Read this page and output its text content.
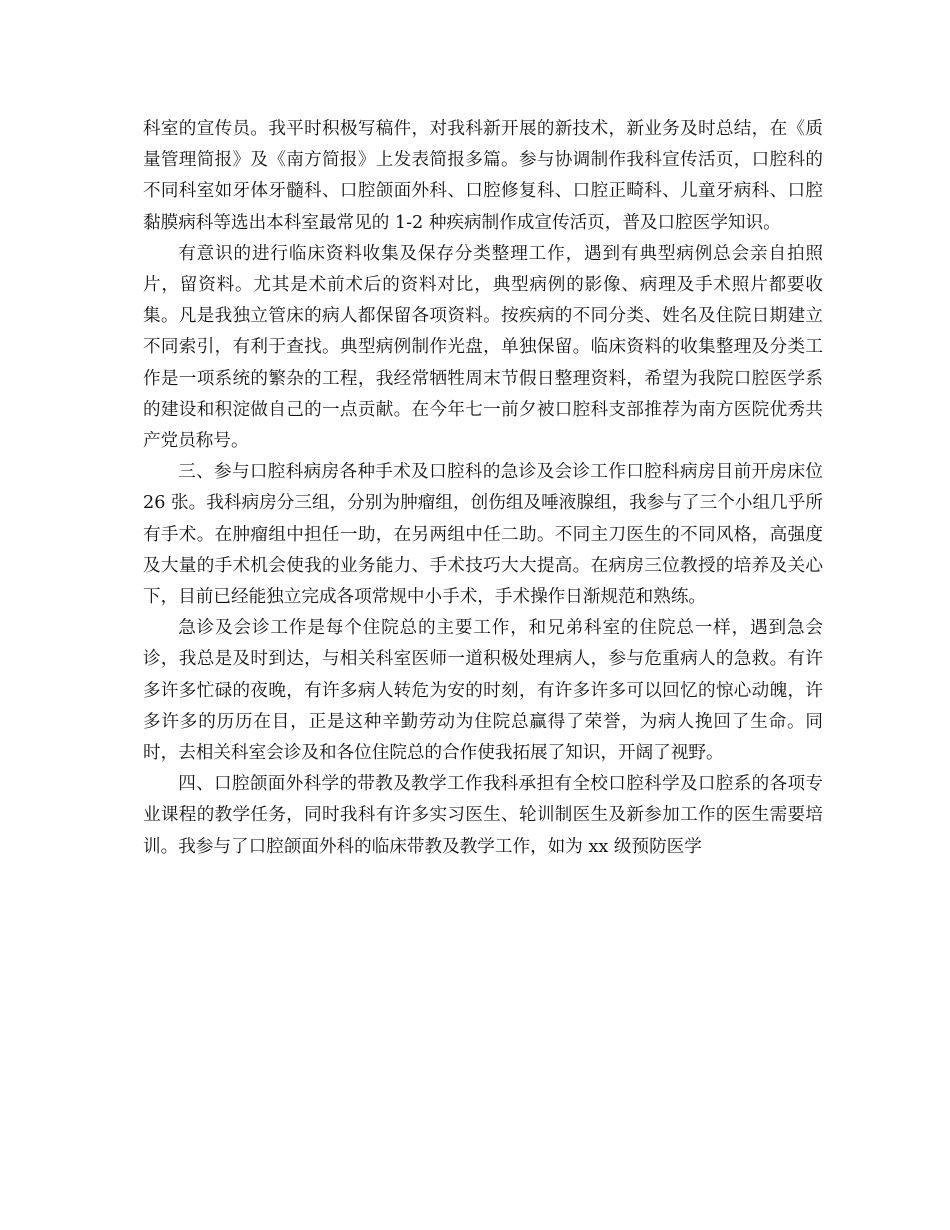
科室的宣传员。我平时积极写稿件，对我科新开展的新技术，新业务及时总结，在《质量管理简报》及《南方简报》上发表简报多篇。参与协调制作我科宣传活页，口腔科的不同科室如牙体牙髓科、口腔颌面外科、口腔修复科、口腔正畸科、儿童牙病科、口腔黏膜病科等选出本科室最常见的 1-2 种疾病制作成宣传活页，普及口腔医学知识。

有意识的进行临床资料收集及保存分类整理工作，遇到有典型病例总会亲自拍照片，留资料。尤其是术前术后的资料对比，典型病例的影像、病理及手术照片都要收集。凡是我独立管床的病人都保留各项资料。按疾病的不同分类、姓名及住院日期建立不同索引，有利于查找。典型病例制作光盘，单独保留。临床资料的收集整理及分类工作是一项系统的繁杂的工程，我经常牺牲周末节假日整理资料，希望为我院口腔医学系的建设和积淀做自己的一点贡献。在今年七一前夕被口腔科支部推荐为南方医院优秀共产党员称号。

三、参与口腔科病房各种手术及口腔科的急诊及会诊工作口腔科病房目前开房床位 26 张。我科病房分三组，分别为肿瘤组，创伤组及唾液腺组，我参与了三个小组几乎所有手术。在肿瘤组中担任一助，在另两组中任二助。不同主刀医生的不同风格，高强度及大量的手术机会使我的业务能力、手术技巧大大提高。在病房三位教授的培养及关心下，目前已经能独立完成各项常规中小手术，手术操作日渐规范和熟练。

急诊及会诊工作是每个住院总的主要工作，和兄弟科室的住院总一样，遇到急会诊，我总是及时到达，与相关科室医师一道积极处理病人，参与危重病人的急救。有许多许多忙碌的夜晚，有许多病人转危为安的时刻，有许多许多可以回忆的惊心动魄，许多许多的历历在目，正是这种辛勤劳动为住院总赢得了荣誉，为病人挽回了生命。同时，去相关科室会诊及和各位住院总的合作使我拓展了知识，开阔了视野。

四、口腔颌面外科学的带教及教学工作我科承担有全校口腔科学及口腔系的各项专业课程的教学任务，同时我科有许多实习医生、轮训制医生及新参加工作的医生需要培训。我参与了口腔颌面外科的临床带教及教学工作，如为 xx 级预防医学
